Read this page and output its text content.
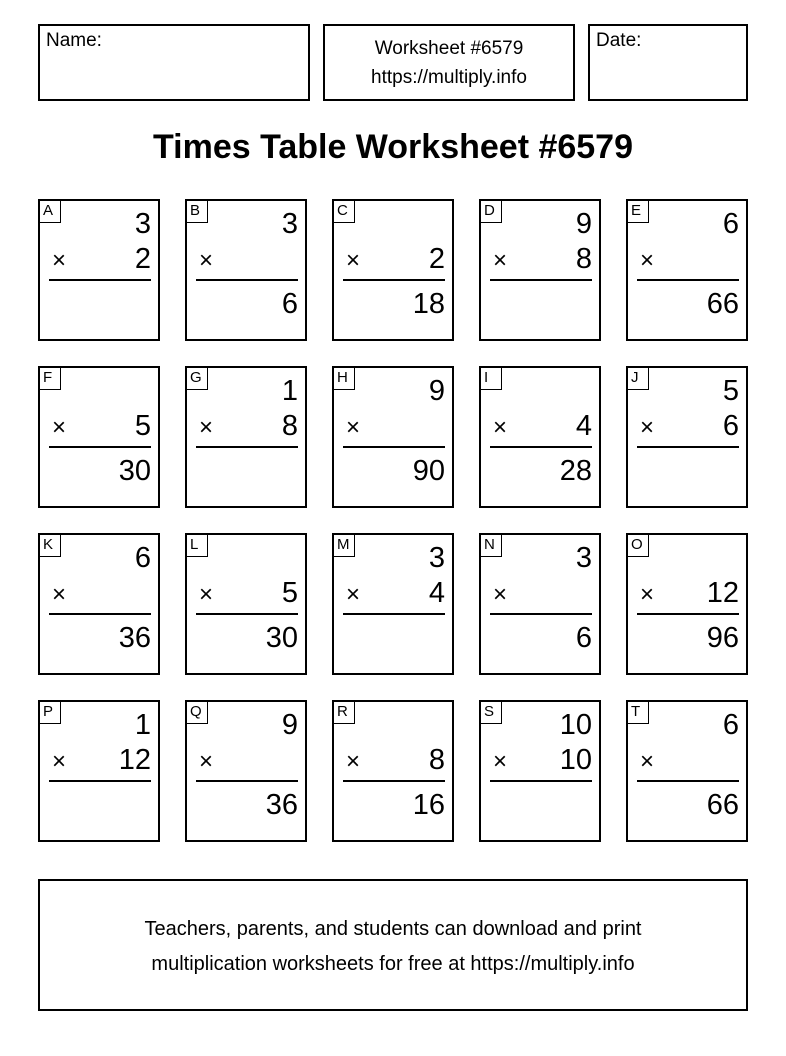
Name:	Worksheet #6579
https://multiply.info
Date:
Times Table Worksheet #6579
A	3
× 2
B	3
×
6
C
× 2
18
D	9
× 8
E	6
×
66
F
× 5
30
G	1
× 8
H	9
×
90
I
× 4
28
J	5
× 6
K	6
×
36
L
× 5
30
M	3
× 4
N	3
×
6
O
× 12
96
P	1
× 12
Q	9
×
36
R
× 8
16
S 10
× 10
T	6
×
66
Teachers, parents, and students can download and print
multiplication worksheets for free at https://multiply.info
